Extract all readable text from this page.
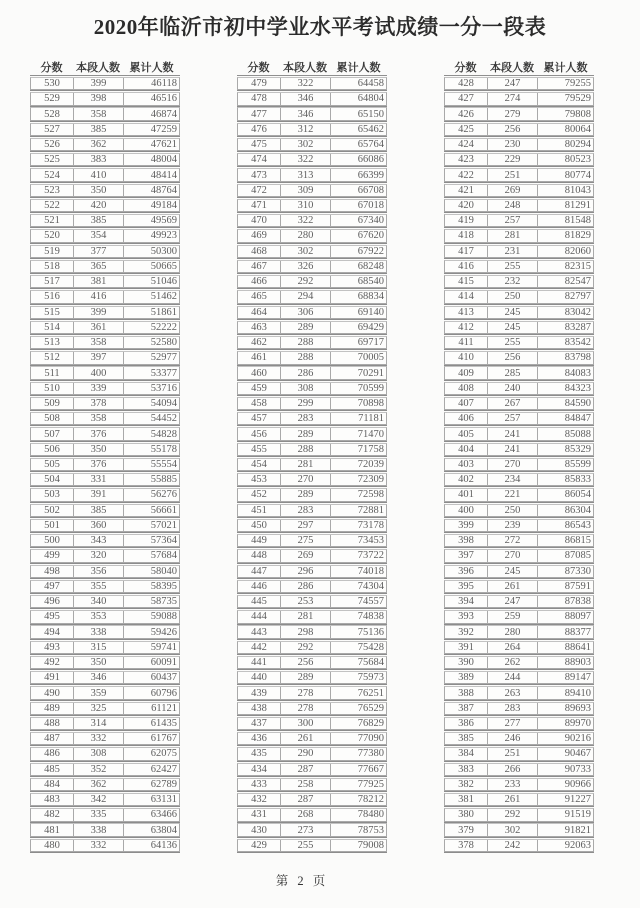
2020年临沂市初中学业水平考试成绩一分一段表
分数	本段人数 累计人数
530	399	46118
529	398	46516
528	358	46874
527	385	47259
526	362	47621
525	383	48004
524	410	48414
523	350	48764
522	420	49184
521	385	49569
520	354	49923
519	377	50300
518	365	50665
517	381	51046
516	416	51462
515	399	51861
514	361	52222
513	358	52580
512	397	52977
511	400	53377
510	339	53716
509	378	54094
508	358	54452
507	376	54828
506	350	55178
505	376	55554
504	331	55885
503	391	56276
502	385	56661
501	360	57021
500	343	57364
499	320	57684
498	356	58040
497	355	58395
496	340	58735
495	353	59088
494	338	59426
493	315	59741
492	350	60091
491	346	60437
490	359	60796
489	325	61121
488	314	61435
487	332	61767
486	308	62075
485	352	62427
484	362	62789
483	342	63131
482	335	63466
481	338	63804
480	332	64136
分数	本段人数 累计人数
479	322	64458
478	346	64804
477	346	65150
476	312	65462
475	302	65764
474	322	66086
473	313	66399
472	309	66708
471	310	67018
470	322	67340
469	280	67620
468	302	67922
467	326	68248
466	292	68540
465	294	68834
464	306	69140
463	289	69429
462	288	69717
461	288	70005
460	286	70291
459	308	70599
458	299	70898
457	283	71181
456	289	71470
455	288	71758
454	281	72039
453	270	72309
452	289	72598
451	283	72881
450	297	73178
449	275	73453
448	269	73722
447	296	74018
446	286	74304
445	253	74557
444	281	74838
443	298	75136
442	292	75428
441	256	75684
440	289	75973
439	278	76251
438	278	76529
437	300	76829
436	261	77090
435	290	77380
434	287	77667
433	258	77925
432	287	78212
431	268	78480
430	273	78753
429	255	79008
分数	本段人数 累计人数
428	247	79255
427	274	79529
426	279	79808
425	256	80064
424	230	80294
423	229	80523
422	251	80774
421	269	81043
420	248	81291
419	257	81548
418	281	81829
417	231	82060
416	255	82315
415	232	82547
414	250	82797
413	245	83042
412	245	83287
411	255	83542
410	256	83798
409	285	84083
408	240	84323
407	267	84590
406	257	84847
405	241	85088
404	241	85329
403	270	85599
402	234	85833
401	221	86054
400	250	86304
399	239	86543
398	272	86815
397	270	87085
396	245	87330
395	261	87591
394	247	87838
393	259	88097
392	280	88377
391	264	88641
390	262	88903
389	244	89147
388	263	89410
387	283	89693
386	277	89970
385	246	90216
384	251	90467
383	266	90733
382	233	90966
381	261	91227
380	292	91519
379	302	91821
378	242	92063
第 2 页
